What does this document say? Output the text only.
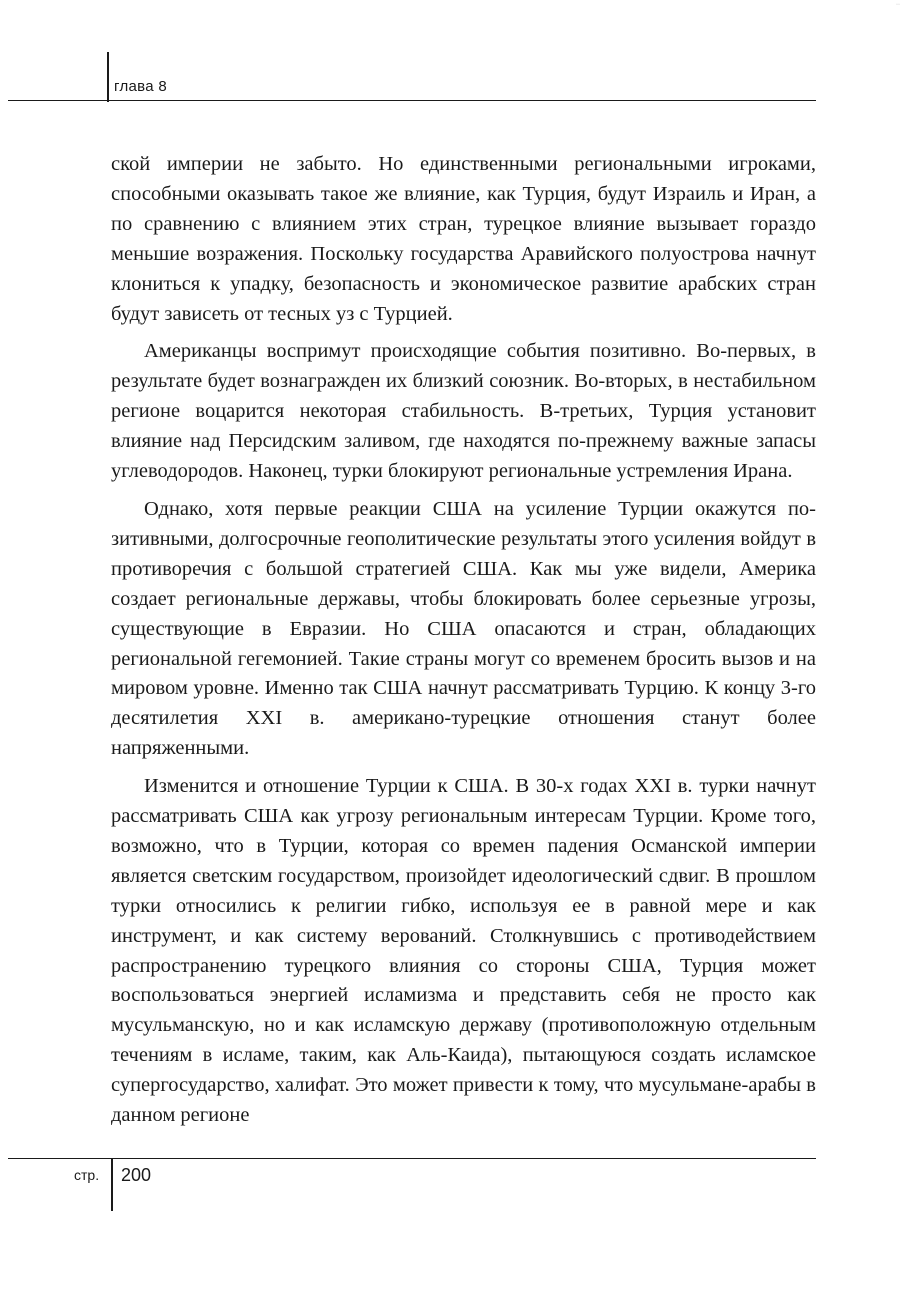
··
глава 8

ской империи не забыто. Но единственными региональными игроками, способными оказывать такое же влияние, как Турция, будут Израиль и Иран, а по сравнению с влиянием этих стран, турецкое влияние вызывает гораздо меньшие возражения. Поскольку государства Аравийского полуострова начнут клониться к упадку, безопасность и экономическое развитие арабских стран будут зависеть от тесных уз с Турцией.

Американцы воспримут происходящие события позитивно. Во-первых, в результате будет вознагражден их близкий союзник. Во-вторых, в нестабильном регионе воцарится некоторая стабильность. В-третьих, Турция установит влияние над Персидским заливом, где находятся по-прежнему важные запасы углеводородов. Наконец, турки блокируют региональные устремления Ирана.

Однако, хотя первые реакции США на усиление Турции окажутся позитивными, долгосрочные геополитические результаты этого усиления войдут в противоречия с большой стратегией США. Как мы уже видели, Америка создает региональные державы, чтобы блокировать более серьезные угрозы, существующие в Евразии. Но США опасаются и стран, обладающих региональной гегемонией. Такие страны могут со временем бросить вызов и на мировом уровне. Именно так США начнут рассматривать Турцию. К концу 3-го десятилетия XXI в. американо-турецкие отношения станут более напряженными.

Изменится и отношение Турции к США. В 30-х годах XXI в. турки начнут рассматривать США как угрозу региональным интересам Турции. Кроме того, возможно, что в Турции, которая со времен падения Османской империи является светским государством, произойдет идеологический сдвиг. В прошлом турки относились к религии гибко, используя ее в равной мере и как инструмент, и как систему верований. Столкнувшись с противодействием распространению турецкого влияния со стороны США, Турция может воспользоваться энергией исламизма и представить себя не просто как мусульманскую, но и как исламскую державу (противоположную отдельным течениям в исламе, таким, как Аль-Каида), пытающуюся создать исламское супергосударство, халифат. Это может привести к тому, что мусульмане-арабы в данном регионе

стр. 200
